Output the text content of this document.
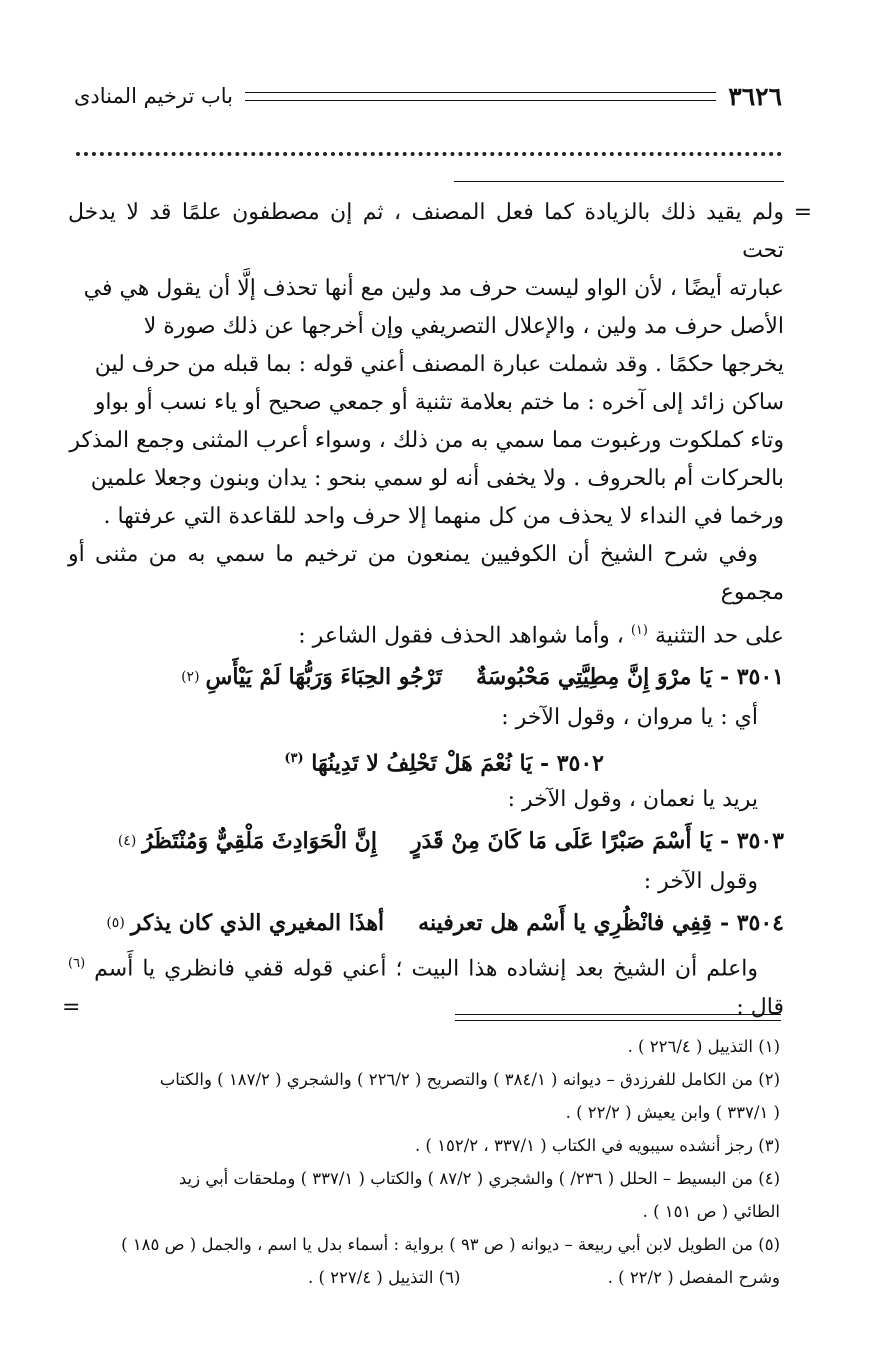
٣٦٢٦
باب ترخيم المنادى
=
ولم يقيد ذلك بالزيادة كما فعل المصنف ، ثم إن مصطفون علمًا قد لا يدخل تحت
عبارته أيضًا ، لأن الواو ليست حرف مد ولين مع أنها تحذف إلَّا أن يقول هي في
الأصل حرف مد ولين ، والإعلال التصريفي وإن أخرجها عن ذلك صورة لا
يخرجها حكمًا . وقد شملت عبارة المصنف أعني قوله : بما قبله من حرف لين
ساكن زائد إلى آخره : ما ختم بعلامة تثنية أو جمعي صحيح أو ياء نسب أو بواو
وتاء كملكوت ورغبوت مما سمي به من ذلك ، وسواء أعرب المثنى وجمع المذكر
بالحركات أم بالحروف . ولا يخفى أنه لو سمي بنحو : يدان وبنون وجعلا علمين
ورخما في النداء لا يحذف من كل منهما إلا حرف واحد للقاعدة التي عرفتها .
وفي شرح الشيخ أن الكوفيين يمنعون من ترخيم ما سمي به من مثنى أو مجموع
على حد التثنية $^{(١)}$ ، وأما شواهد الحذف فقول الشاعر :
٣٥٠١ -
يَا مرْوَ إِنَّ مِطِيَّتِي مَحْبُوسَةٌ
تَرْجُو الحِبَاءَ وَرَبُّهَا لَمْ يَيْأَسِ
(٢)
أي : يا مروان ، وقول الآخر :
٣٥٠٢ - يَا نُعْمَ هَلْ تَحْلِفُ لا تَدِينُهَا $^{(٣)}$
يريد يا نعمان ، وقول الآخر :
٣٥٠٣ -
يَا أَسْمَ صَبْرًا عَلَى مَا كَانَ مِنْ قَدَرٍ
إِنَّ الْحَوَادِثَ مَلْقِيٌّ وَمُنْتَظَرُ
(٤)
وقول الآخر :
٣٥٠٤ -
قِفِي فانْظُرِي يا أَسْم هل تعرفينه
أهذَا المغيري الذي كان يذكر
(٥)
واعلم أن الشيخ بعد إنشاده هذا البيت ؛ أعني قوله قفي فانظري يا أَسم $^{(٦)}$ قال :
=
(١) التذييل ( ٢٢٦/٤ ) .
(٢) من الكامل للفرزدق – ديوانه ( ٣٨٤/١ ) والتصريح ( ٢٢٦/٢ ) والشجري ( ١٨٧/٢ ) والكتاب
( ٣٣٧/١ ) وابن يعيش ( ٢٢/٢ ) .
(٣) رجز أنشده سيبويه في الكتاب ( ٣٣٧/١ ، ١٥٢/٢ ) .
(٤) من البسيط – الحلل ( ٢٣٦/ ) والشجري ( ٨٧/٢ ) والكتاب ( ٣٣٧/١ ) وملحقات أبي زيد
الطائي ( ص ١٥١ ) .
(٥) من الطويل لابن أبي ربيعة – ديوانه ( ص ٩٣ ) برواية : أسماء بدل يا اسم ، والجمل ( ص ١٨٥ )
وشرح المفصل ( ٢٢/٢ ) .
(٦) التذييل ( ٢٢٧/٤ ) .
